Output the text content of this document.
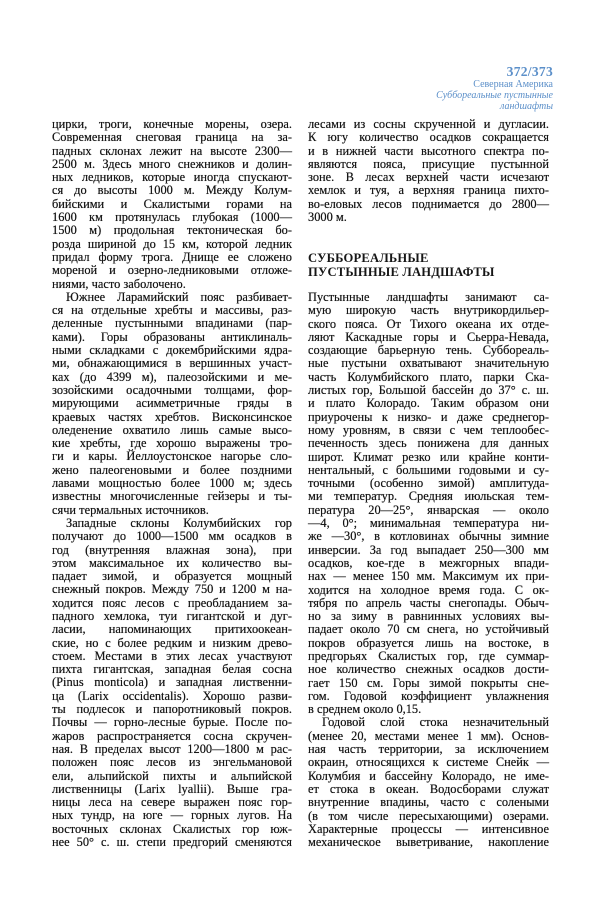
372/373
Северная Америка
Суббореальные пустынные
ландшафты
цирки, троги, конечные морены, озера.
Современная снеговая граница на за-
падных склонах лежит на высоте 2300—
2500 м. Здесь много снежников и долин-
ных ледников, которые иногда спускают-
ся до высоты 1000 м. Между Колум-
бийскими и Скалистыми горами на
1600 км протянулась глубокая (1000—
1500 м) продольная тектоническая бо-
розда шириной до 15 км, которой ледник
придал форму трога. Днище ее сложено
мореной и озерно-ледниковыми отложе-
ниями, часто заболочено.
Южнее Ларамийский пояс разбивает-
ся на отдельные хребты и массивы, раз-
деленные пустынными впадинами (пар-
ками). Горы образованы антиклиналь-
ными складками с докембрийскими ядра-
ми, обнажающимися в вершинных участ-
ках (до 4399 м), палеозойскими и ме-
зозойскими осадочными толщами, фор-
мирующими асимметричные гряды в
краевых частях хребтов. Висконсинское
оледенение охватило лишь самые высо-
кие хребты, где хорошо выражены тро-
ги и кары. Йеллоустонское нагорье сло-
жено палеогеновыми и более поздними
лавами мощностью более 1000 м; здесь
известны многочисленные гейзеры и ты-
сячи термальных источников.
Западные склоны Колумбийских гор
получают до 1000—1500 мм осадков в
год (внутренняя влажная зона), при
этом максимальное их количество вы-
падает зимой, и образуется мощный
снежный покров. Между 750 и 1200 м на-
ходится пояс лесов с преобладанием за-
падного хемлока, туи гигантской и дуг-
ласии, напоминающих притихоокеан-
ские, но с более редким и низким древо-
стоем. Местами в этих лесах участвуют
пихта гигантская, западная белая сосна
(Pinus monticola) и западная лиственни-
ца (Larix occidentalis). Хорошо разви-
ты подлесок и папоротниковый покров.
Почвы — горно-лесные бурые. После по-
жаров распространяется сосна скручен-
ная. В пределах высот 1200—1800 м рас-
положен пояс лесов из энгельмановой
ели, альпийской пихты и альпийской
лиственницы (Larix lyallii). Выше гра-
ницы леса на севере выражен пояс гор-
ных тундр, на юге — горных лугов. На
восточных склонах Скалистых гор юж-
нее 50° с. ш. степи предгорий сменяются
лесами из сосны скрученной и дугласии.
К югу количество осадков сокращается
и в нижней части высотного спектра по-
являются пояса, присущие пустынной
зоне. В лесах верхней части исчезают
хемлок и туя, а верхняя граница пихто-
во-еловых лесов поднимается до 2800—
3000 м.
СУББОРЕАЛЬНЫЕ
ПУСТЫННЫЕ ЛАНДШАФТЫ
Пустынные ландшафты занимают са-
мую широкую часть внутрикордильер-
ского пояса. От Тихого океана их отде-
ляют Каскадные горы и Сьерра-Невада,
создающие барьерную тень. Суббореаль-
ные пустыни охватывают значительную
часть Колумбийского плато, парки Ска-
листых гор, Большой бассейн до 37° с. ш.
и плато Колорадо. Таким образом они
приурочены к низко- и даже среднегор-
ному уровням, в связи с чем теплообес-
печенность здесь понижена для данных
широт. Климат резко или крайне конти-
нентальный, с большими годовыми и су-
точными (особенно зимой) амплитуда-
ми температур. Средняя июльская тем-
пература 20—25°, январская — около
—4, 0°; минимальная температура ни-
же —30°, в котловинах обычны зимние
инверсии. За год выпадает 250—300 мм
осадков, кое-где в межгорных впади-
нах — менее 150 мм. Максимум их при-
ходится на холодное время года. С ок-
тября по апрель часты снегопады. Обыч-
но за зиму в равнинных условиях вы-
падает около 70 см снега, но устойчивый
покров образуется лишь на востоке, в
предгорьях Скалистых гор, где суммар-
ное количество снежных осадков дости-
гает 150 см. Горы зимой покрыты сне-
гом. Годовой коэффициент увлажнения
в среднем около 0,15.
Годовой слой стока незначительный
(менее 20, местами менее 1 мм). Основ-
ная часть территории, за исключением
окраин, относящихся к системе Снейк —
Колумбия и бассейну Колорадо, не име-
ет стока в океан. Водосборами служат
внутренние впадины, часто с солеными
(в том числе пересыхающими) озерами.
Характерные процессы — интенсивное
механическое выветривание, накопление
